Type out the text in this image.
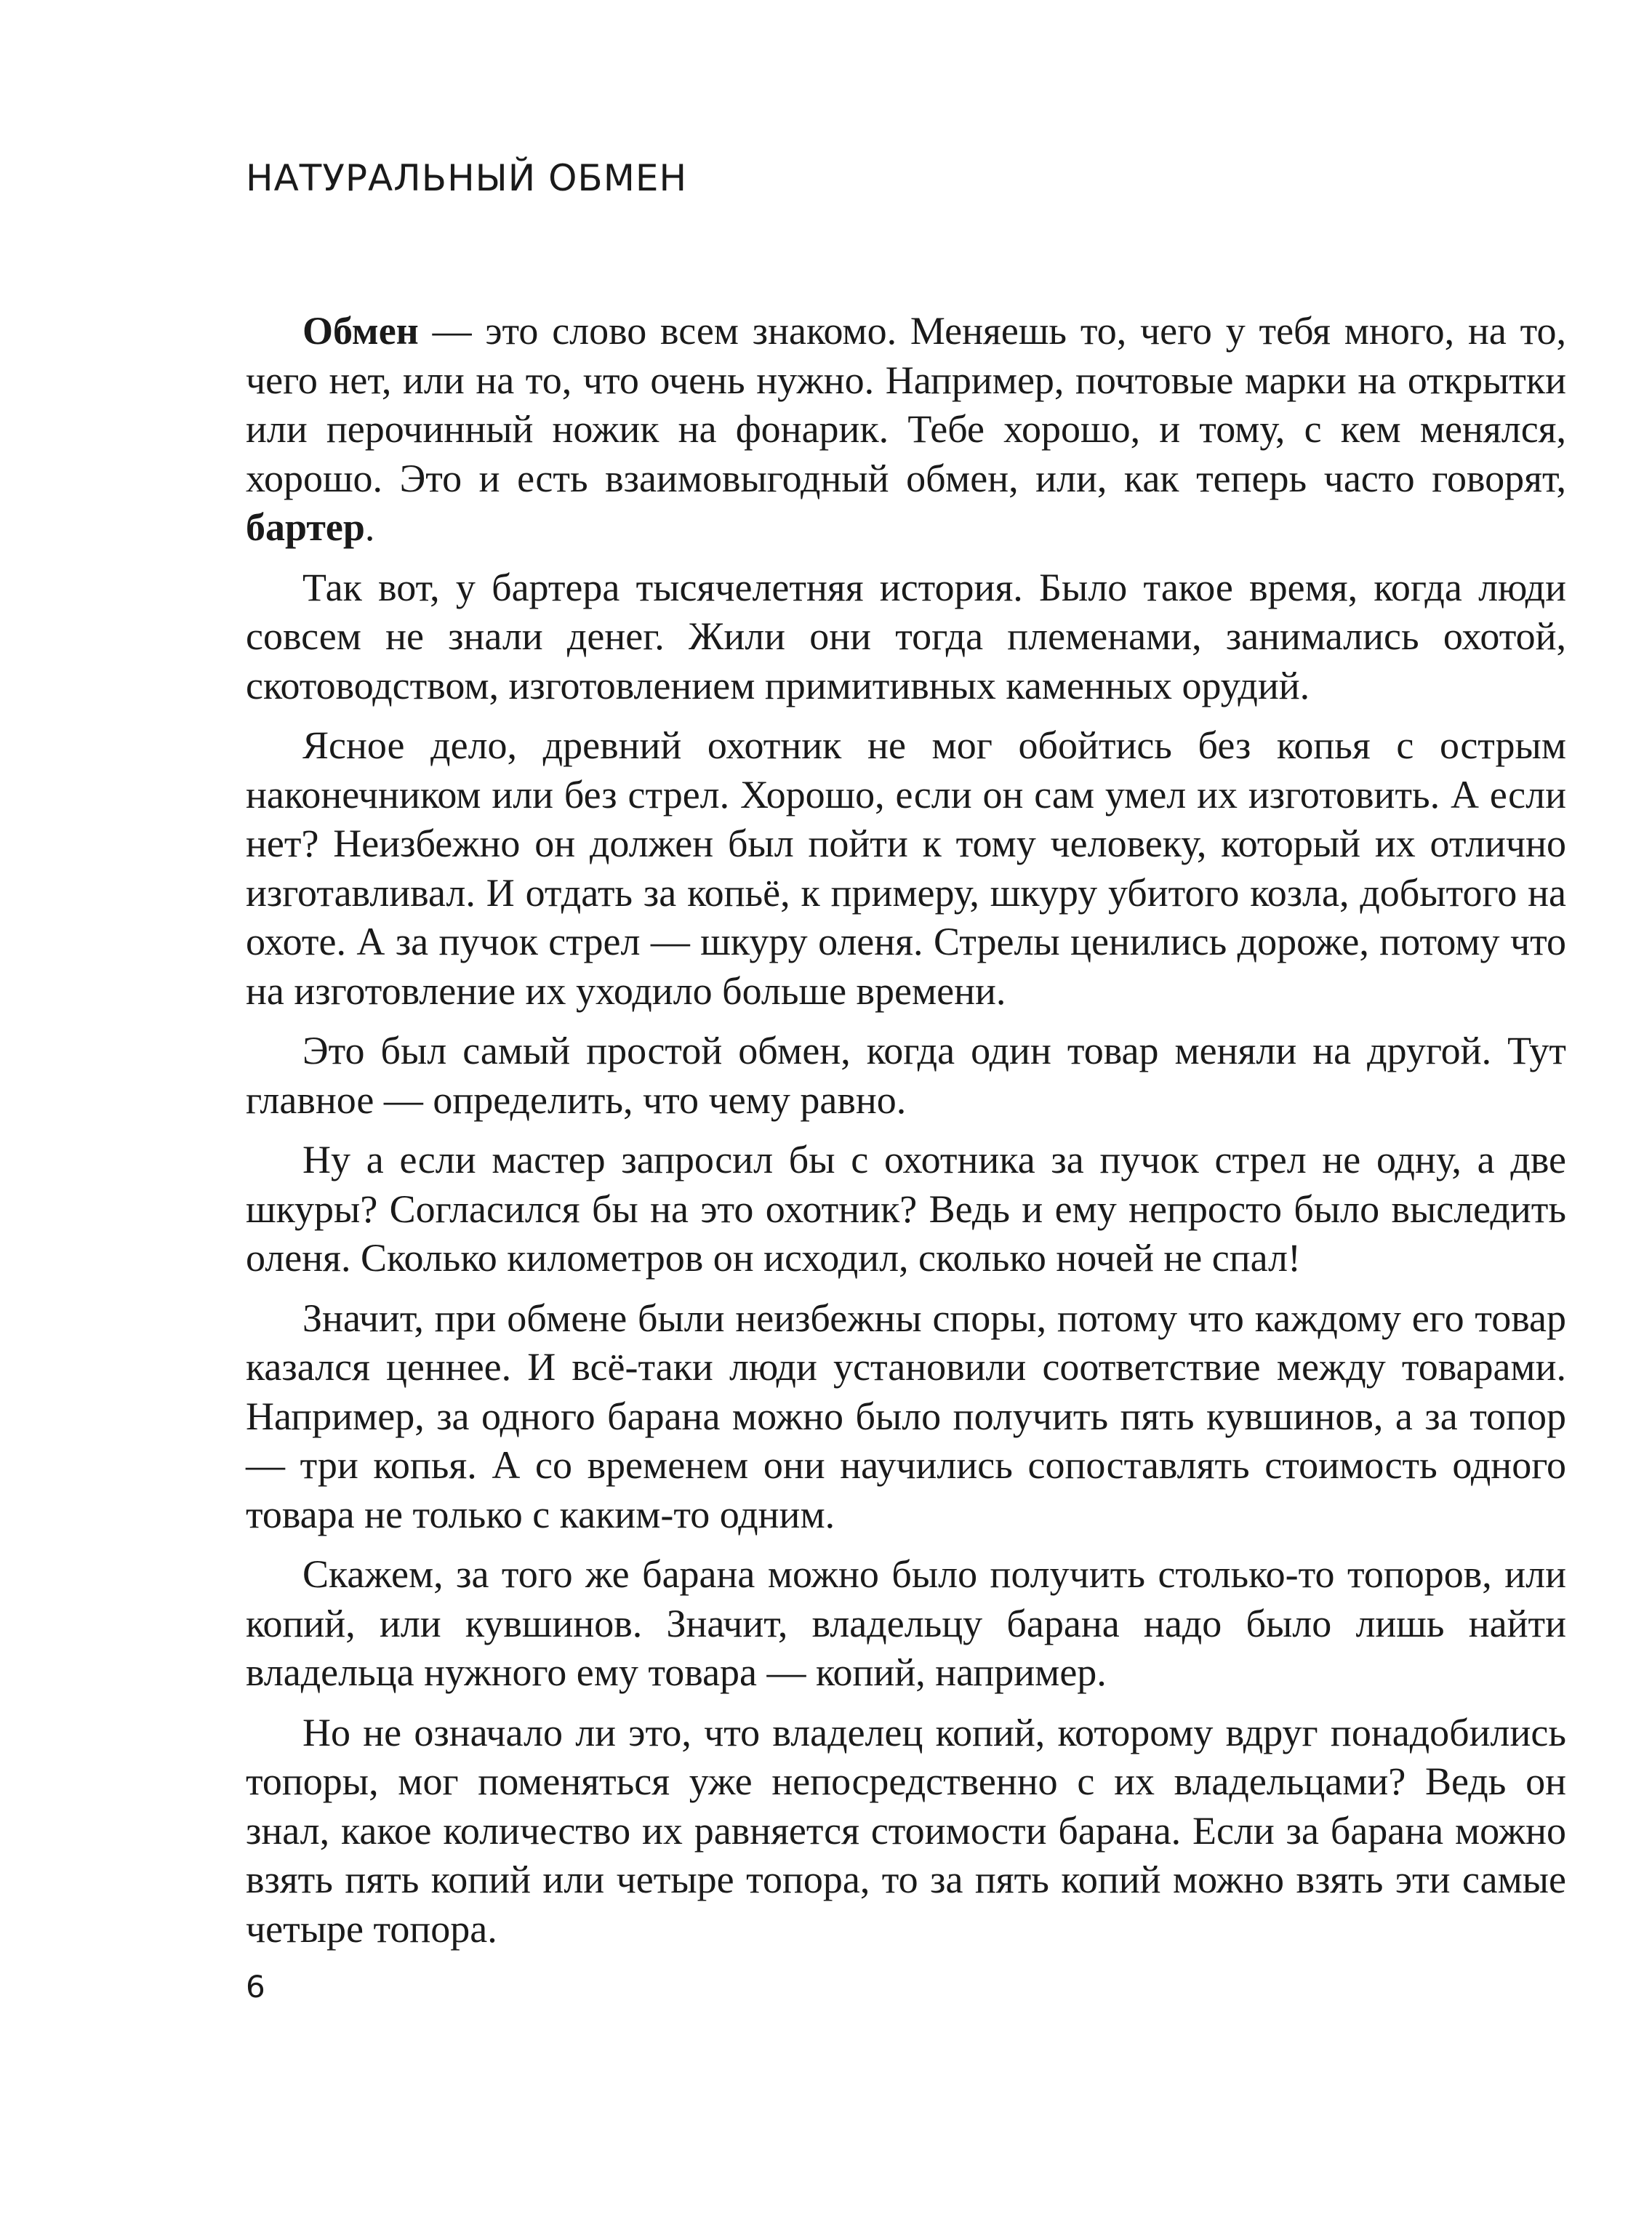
НАТУРАЛЬНЫЙ ОБМЕН

Обмен — это слово всем знакомо. Меняешь то, чего у тебя много, на то, чего нет, или на то, что очень нужно. Например, почтовые марки на открытки или перочинный ножик на фонарик. Тебе хорошо, и тому, с кем менялся, хорошо. Это и есть взаимовыгодный обмен, или, как теперь часто говорят, бартер.

Так вот, у бартера тысячелетняя история. Было такое время, когда люди совсем не знали денег. Жили они тогда племенами, занимались охотой, скотоводством, изготовлением примитивных каменных орудий.

Ясное дело, древний охотник не мог обойтись без копья с острым наконечником или без стрел. Хорошо, если он сам умел их изготовить. А если нет? Неизбежно он должен был пойти к тому человеку, который их отлично изготавливал. И отдать за копьё, к примеру, шкуру убитого козла, добытого на охоте. А за пучок стрел — шкуру оленя. Стрелы ценились дороже, потому что на изготовление их уходило больше времени.

Это был самый простой обмен, когда один товар меняли на другой. Тут главное — определить, что чему равно.

Ну а если мастер запросил бы с охотника за пучок стрел не одну, а две шкуры? Согласился бы на это охотник? Ведь и ему непросто было выследить оленя. Сколько километров он исходил, сколько ночей не спал!

Значит, при обмене были неизбежны споры, потому что каждому его товар казался ценнее. И всё-таки люди установили соответствие между товарами. Например, за одного барана можно было получить пять кувшинов, а за топор — три копья. А со временем они научились сопоставлять стоимость одного товара не только с каким-то одним.

Скажем, за того же барана можно было получить столько-то топоров, или копий, или кувшинов. Значит, владельцу барана надо было лишь найти владельца нужного ему товара — копий, например.

Но не означало ли это, что владелец копий, которому вдруг понадобились топоры, мог поменяться уже непосредственно с их владельцами? Ведь он знал, какое количество их равняется стоимости барана. Если за барана можно взять пять копий или четыре топора, то за пять копий можно взять эти самые четыре топора.

6
